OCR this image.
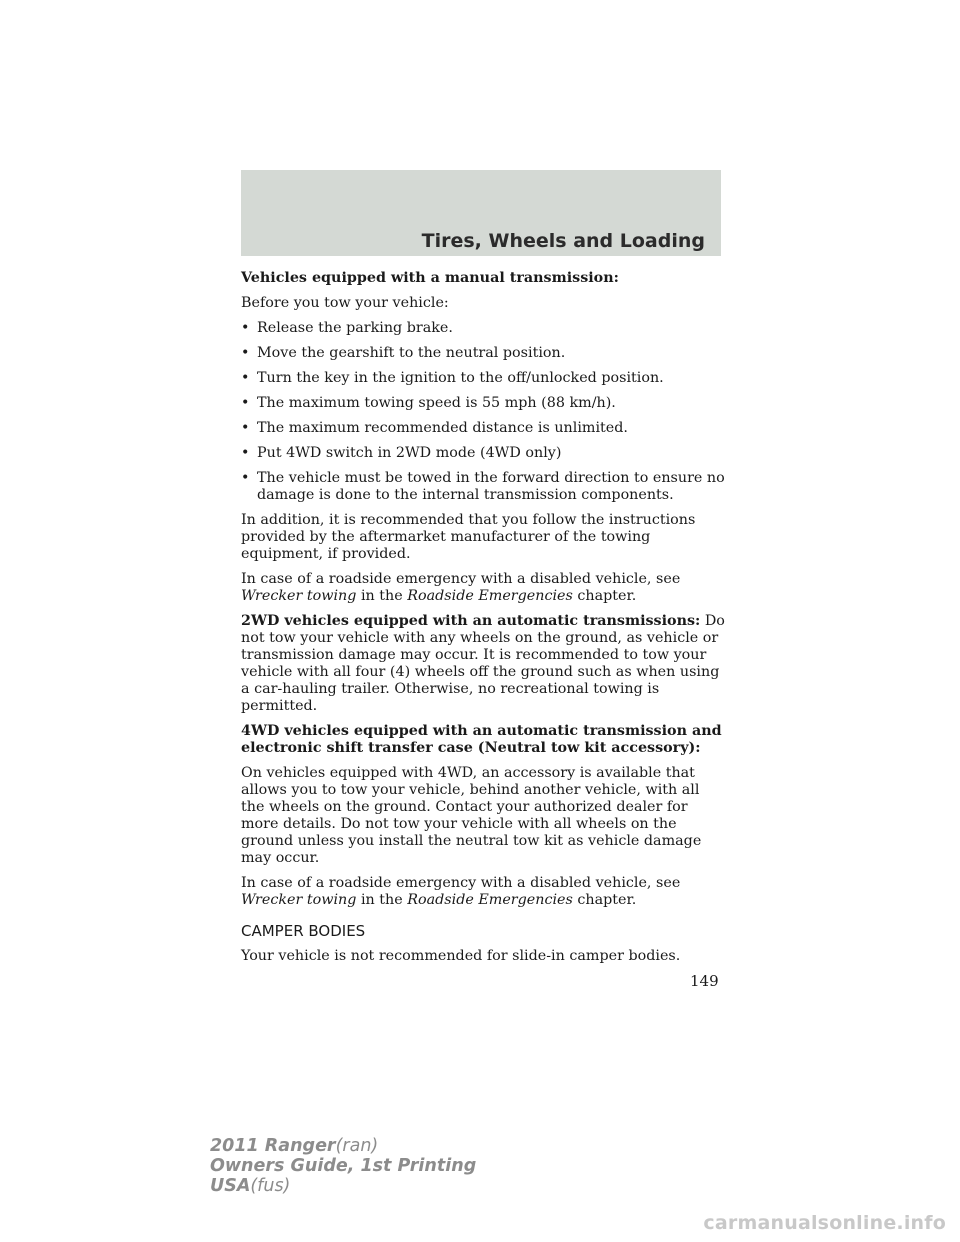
Tires, Wheels and Loading

Vehicles equipped with a manual transmission:

Before you tow your vehicle:

• Release the parking brake.
• Move the gearshift to the neutral position.
• Turn the key in the ignition to the off/unlocked position.
• The maximum towing speed is 55 mph (88 km/h).
• The maximum recommended distance is unlimited.
• Put 4WD switch in 2WD mode (4WD only)
• The vehicle must be towed in the forward direction to ensure no damage is done to the internal transmission components.

In addition, it is recommended that you follow the instructions provided by the aftermarket manufacturer of the towing equipment, if provided.

In case of a roadside emergency with a disabled vehicle, see Wrecker towing in the Roadside Emergencies chapter.

2WD vehicles equipped with an automatic transmissions: Do not tow your vehicle with any wheels on the ground, as vehicle or transmission damage may occur. It is recommended to tow your vehicle with all four (4) wheels off the ground such as when using a car-hauling trailer. Otherwise, no recreational towing is permitted.

4WD vehicles equipped with an automatic transmission and electronic shift transfer case (Neutral tow kit accessory):

On vehicles equipped with 4WD, an accessory is available that allows you to tow your vehicle, behind another vehicle, with all the wheels on the ground. Contact your authorized dealer for more details. Do not tow your vehicle with all wheels on the ground unless you install the neutral tow kit as vehicle damage may occur.

In case of a roadside emergency with a disabled vehicle, see Wrecker towing in the Roadside Emergencies chapter.

CAMPER BODIES

Your vehicle is not recommended for slide-in camper bodies.

149
2011 Ranger(ran)
Owners Guide, 1st Printing
USA(fus)
carmanualsonline.info
